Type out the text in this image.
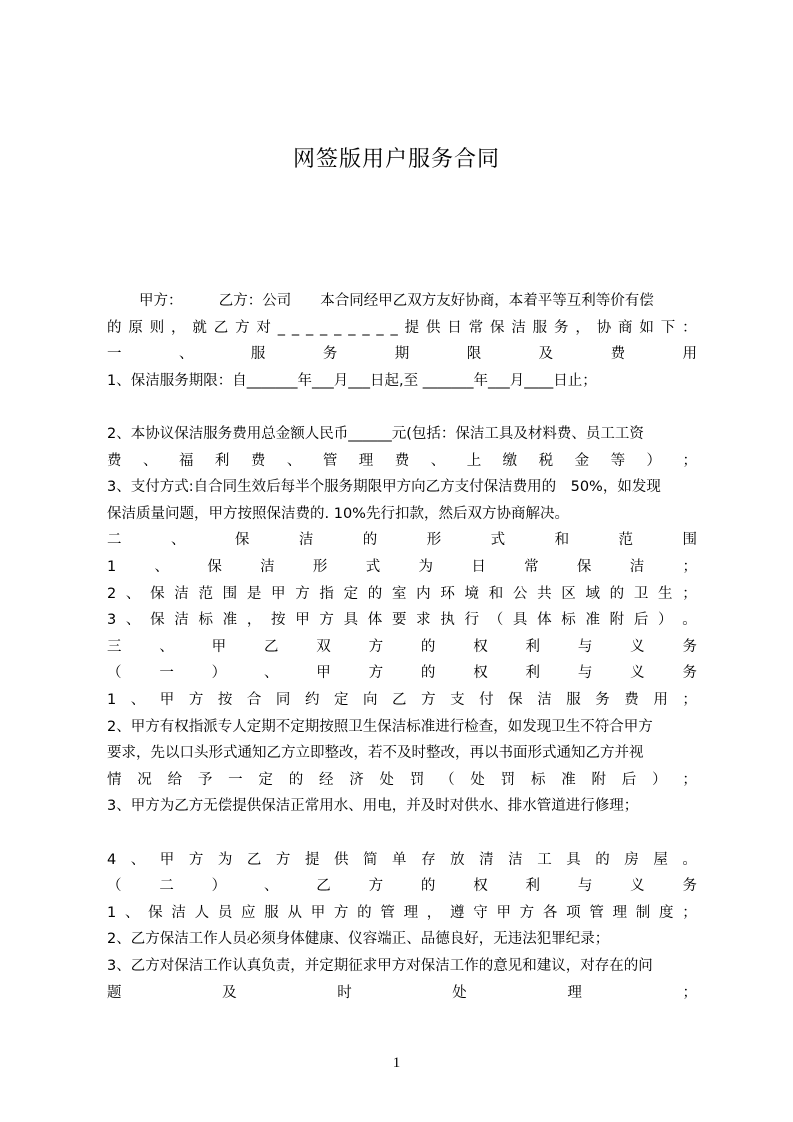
网签版用户服务合同
甲方：　　　乙方：公司　　本合同经甲乙双方友好协商，本着平等互利等价有偿
的 原 则 ， 就 乙 方 对 _ _ _ _ _ _ _ _ _ 提 供 日 常 保 洁 服 务 ， 协 商 如 下 ：
一	、	服	务	期	限	及	费	用
1、保洁服务期限：自_______年___月___日起,至 _______年___月____日止；
2、本协议保洁服务费用总金额人民币______元(包括：保洁工具及材料费、员工工资
费 、 福 利 费 、 管 理 费 、 上 缴 税 金 等 ） ；
3、支付方式:自合同生效后每半个服务期限甲方向乙方支付保洁费用的　50%，如发现
保洁质量问题，甲方按照保洁费的. 10%先行扣款，然后双方协商解决。
二	、	保	洁	的	形	式	和	范	围
1	、	保	洁	形	式	为	日	常	保	洁	；
2 、 保 洁 范 围 是 甲 方 指 定 的 室 内 环 境 和 公 共 区 域 的 卫 生 ；
3 、 保 洁 标 准 ， 按 甲 方 具 体 要 求 执 行 （ 具 体 标 准 附 后 ） 。
三	、	甲	乙	双	方	的	权	利	与	义	务
（	一	）	、	甲	方	的	权	利	与	义	务
1 、 甲 方 按 合 同 约 定 向 乙 方 支 付 保 洁 服 务 费 用 ；
2、甲方有权指派专人定期不定期按照卫生保洁标准进行检查，如发现卫生不符合甲方
要求，先以口头形式通知乙方立即整改，若不及时整改，再以书面形式通知乙方并视
情 况 给 予 一 定 的 经 济 处 罚 （ 处 罚 标 准 附 后 ） ；
3、甲方为乙方无偿提供保洁正常用水、用电，并及时对供水、排水管道进行修理；
4 、 甲 方 为 乙 方 提 供 简 单 存 放 清 洁 工 具 的 房 屋 。
（	二	）	、	乙	方	的	权	利	与	义	务
1 、 保 洁 人 员 应 服 从 甲 方 的 管 理 ， 遵 守 甲 方 各 项 管 理 制 度 ；
2、乙方保洁工作人员必须身体健康、仪容端正、品德良好，无违法犯罪纪录；
3、乙方对保洁工作认真负责，并定期征求甲方对保洁工作的意见和建议，对存在的问
题	及	时	处	理	；
1
